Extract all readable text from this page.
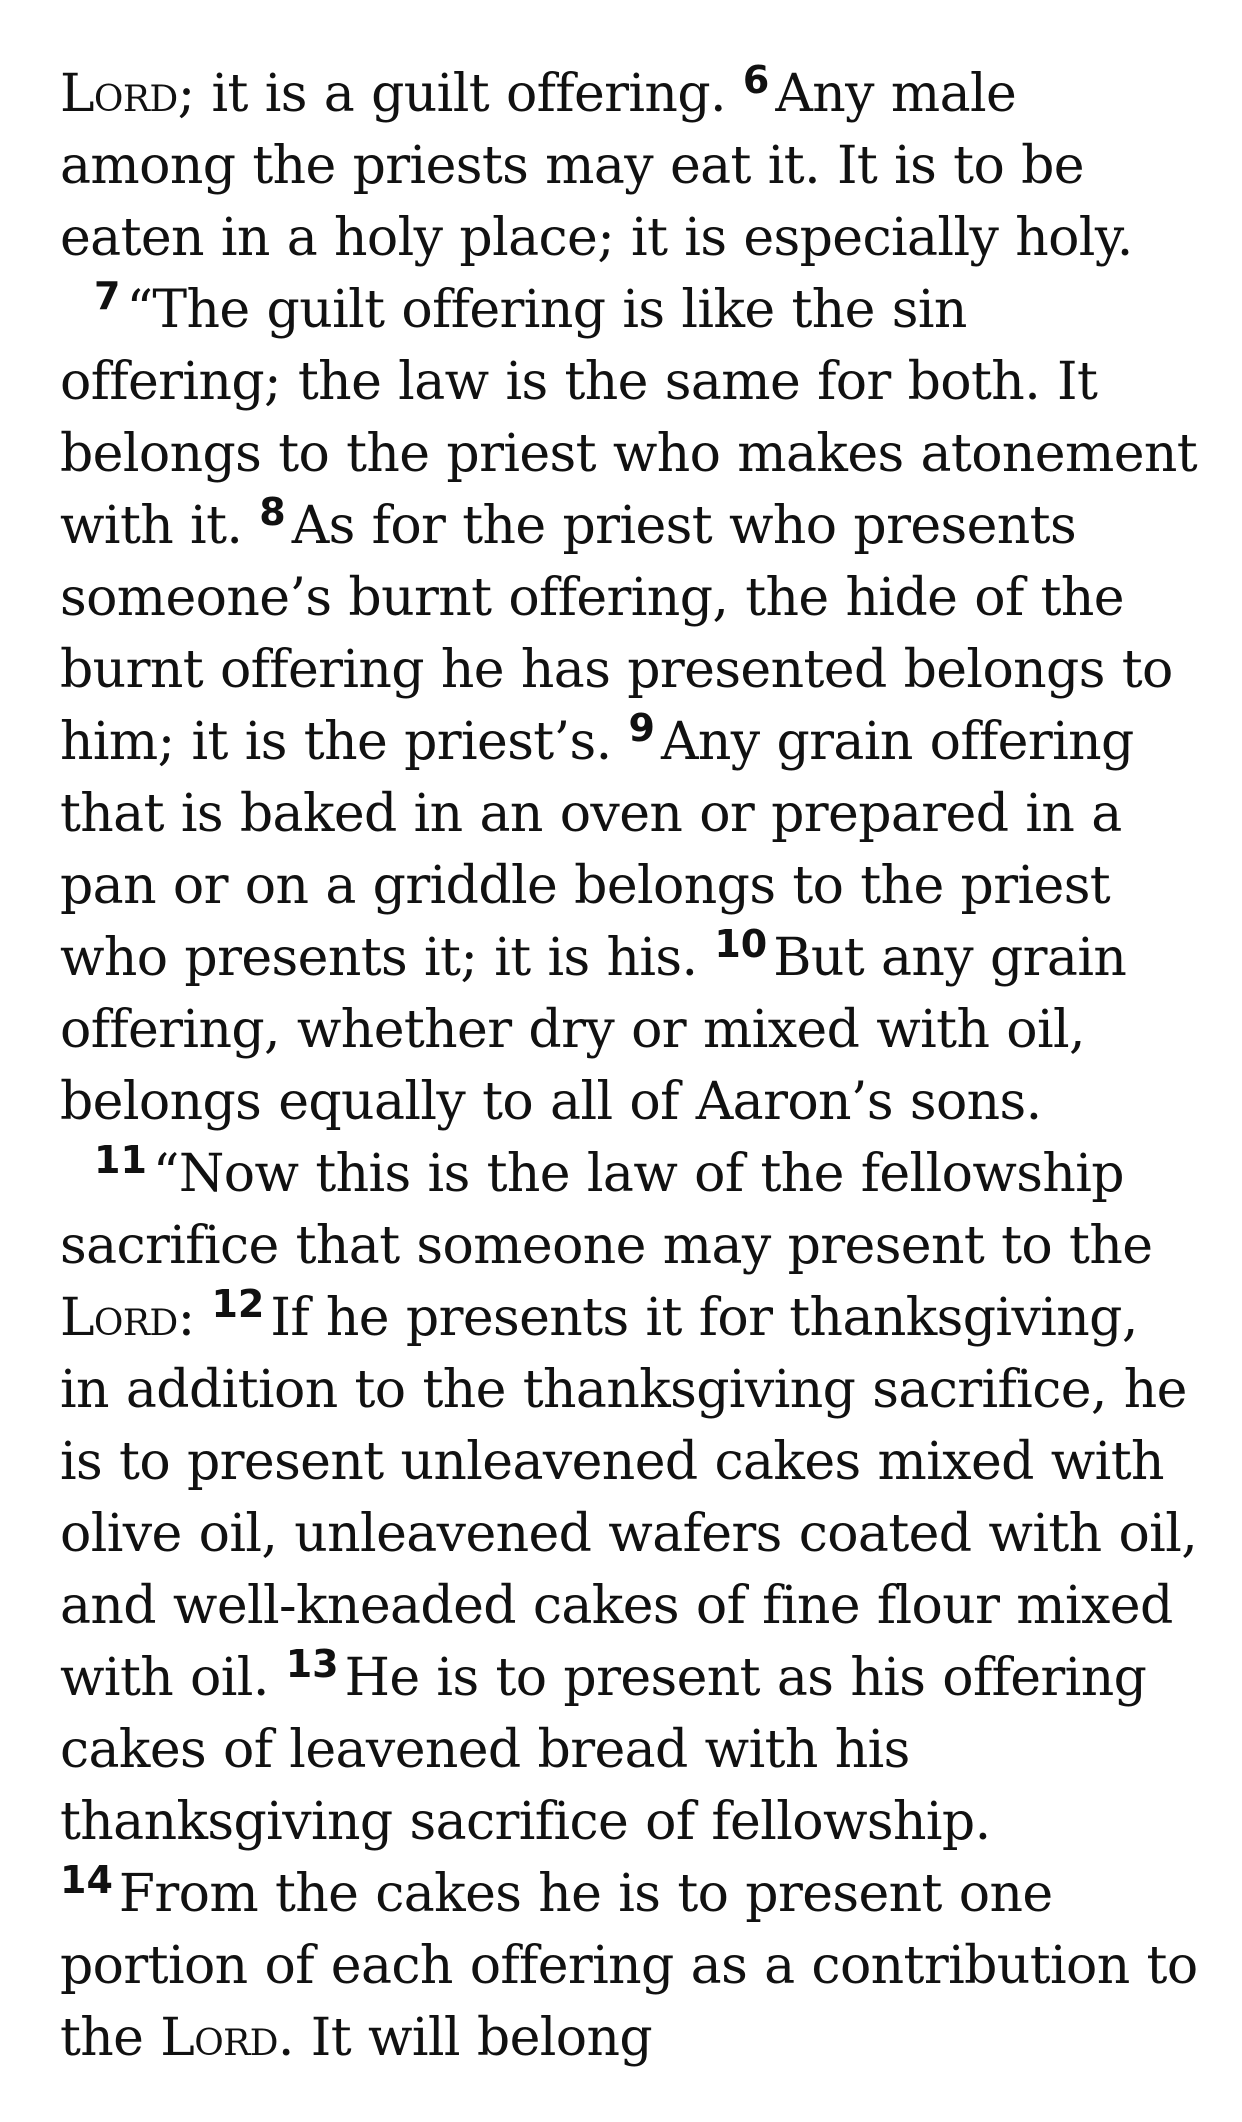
Lord; it is a guilt offering. $^6$ Any male among the priests may eat it. It is to be eaten in a holy place; it is especially holy.

$^7$ “The guilt offering is like the sin offering; the law is the same for both. It belongs to the priest who makes atonement with it. $^8$ As for the priest who presents someone’s burnt offering, the hide of the burnt offering he has presented belongs to him; it is the priest’s. $^9$ Any grain offering that is baked in an oven or prepared in a pan or on a griddle belongs to the priest who presents it; it is his. $^{10}$ But any grain offering, whether dry or mixed with oil, belongs equally to all of Aaron’s sons.

$^{11}$ “Now this is the law of the fellowship sacrifice that someone may present to the Lord: $^{12}$ If he presents it for thanksgiving, in addition to the thanksgiving sacrifice, he is to present unleavened cakes mixed with olive oil, unleavened wafers coated with oil, and well-kneaded cakes of fine flour mixed with oil. $^{13}$ He is to present as his offering cakes of leavened bread with his thanksgiving sacrifice of fellowship. $^{14}$ From the cakes he is to present one portion of each offering as a contribution to the Lord. It will belong
